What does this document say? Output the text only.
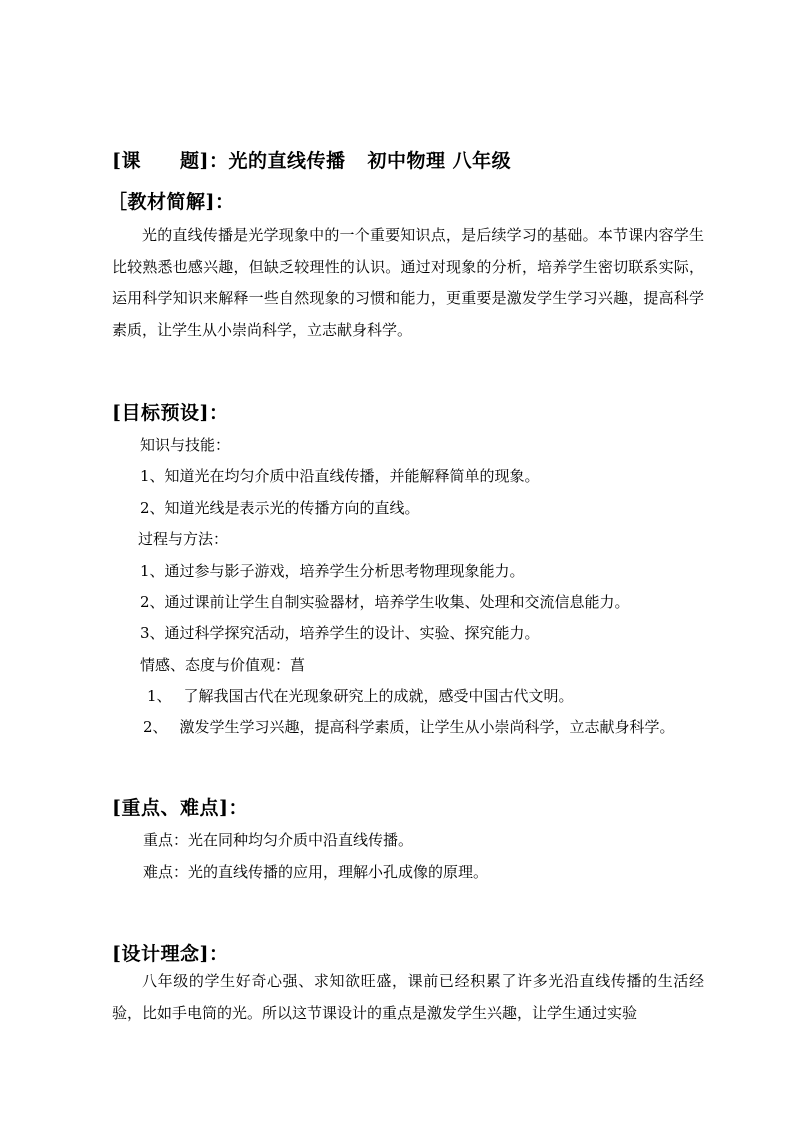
[课　　题]：光的直线传播 初中物理 八年级
［教材简解]：
光的直线传播是光学现象中的一个重要知识点，是后续学习的基础。本节课内容学生比较熟悉也感兴趣，但缺乏较理性的认识。通过对现象的分析，培养学生密切联系实际，运用科学知识来解释一些自然现象的习惯和能力，更重要是激发学生学习兴趣，提高科学素质，让学生从小崇尚科学，立志献身科学。
[目标预设]：
知识与技能：
1、知道光在均匀介质中沿直线传播，并能解释简单的现象。
2、知道光线是表示光的传播方向的直线。
过程与方法：
1、通过参与影子游戏，培养学生分析思考物理现象能力。
2、通过课前让学生自制实验器材，培养学生收集、处理和交流信息能力。
3、通过科学探究活动，培养学生的设计、实验、探究能力。
情感、态度与价值观：菖
1、 了解我国古代在光现象研究上的成就，感受中国古代文明。
2、 激发学生学习兴趣，提高科学素质，让学生从小崇尚科学，立志献身科学。
[重点、难点]：
重点：光在同种均匀介质中沿直线传播。
难点：光的直线传播的应用，理解小孔成像的原理。
[设计理念]：
八年级的学生好奇心强、求知欲旺盛，课前已经积累了许多光沿直线传播的生活经验，比如手电筒的光。所以这节课设计的重点是激发学生兴趣，让学生通过实验
